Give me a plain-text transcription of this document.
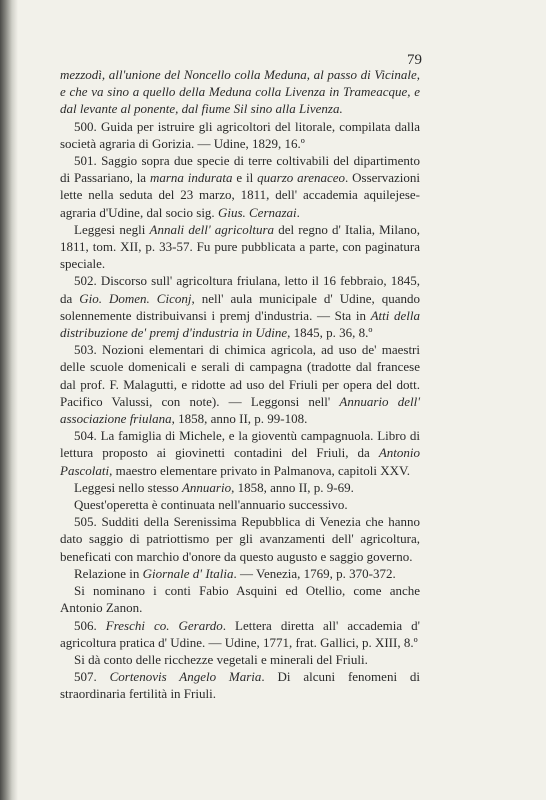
79

mezzodì, all'unione del Noncello colla Meduna, al passo di Vicinale, e che va sino a quello della Meduna colla Livenza in Trameacque, e dal levante al ponente, dal fiume Sil sino alla Livenza.

500. Guida per istruire gli agricoltori del litorale, compilata dalla società agraria di Gorizia. — Udine, 1829, 16.º

501. Saggio sopra due specie di terre coltivabili del dipartimento di Passariano, la marna indurata e il quarzo arenaceo. Osservazioni lette nella seduta del 23 marzo, 1811, dell' accademia aquilejese-agraria d'Udine, dal socio sig. Gius. Cernazai.

Leggesi negli Annali dell' agricoltura del regno d' Italia, Milano, 1811, tom. XII, p. 33-57. Fu pure pubblicata a parte, con paginatura speciale.

502. Discorso sull' agricoltura friulana, letto il 16 febbraio, 1845, da Gio. Domen. Ciconj, nell' aula municipale d' Udine, quando solennemente distribuivansi i premj d'industria. — Sta in Atti della distribuzione de' premj d'industria in Udine, 1845, p. 36, 8.º

503. Nozioni elementari di chimica agricola, ad uso de' maestri delle scuole domenicali e serali di campagna (tradotte dal francese dal prof. F. Malagutti, e ridotte ad uso del Friuli per opera del dott. Pacifico Valussi, con note). — Leggonsi nell' Annuario dell' associazione friulana, 1858, anno II, p. 99-108.

504. La famiglia di Michele, e la gioventù campagnuola. Libro di lettura proposto ai giovinetti contadini del Friuli, da Antonio Pascolati, maestro elementare privato in Palmanova, capitoli XXV.

Leggesi nello stesso Annuario, 1858, anno II, p. 9-69.

Quest'operetta è continuata nell'annuario successivo.

505. Sudditi della Serenissima Repubblica di Venezia che hanno dato saggio di patriottismo per gli avanzamenti dell' agricoltura, beneficati con marchio d'onore da questo augusto e saggio governo.

Relazione in Giornale d' Italia. — Venezia, 1769, p. 370-372.

Si nominano i conti Fabio Asquini ed Otellio, come anche Antonio Zanon.

506. Freschi co. Gerardo. Lettera diretta all' accademia d' agricoltura pratica d' Udine. — Udine, 1771, frat. Gallici, p. XIII, 8.º

Si dà conto delle ricchezze vegetali e minerali del Friuli.

507. Cortenovis Angelo Maria. Di alcuni fenomeni di straordinaria fertilità in Friuli.
